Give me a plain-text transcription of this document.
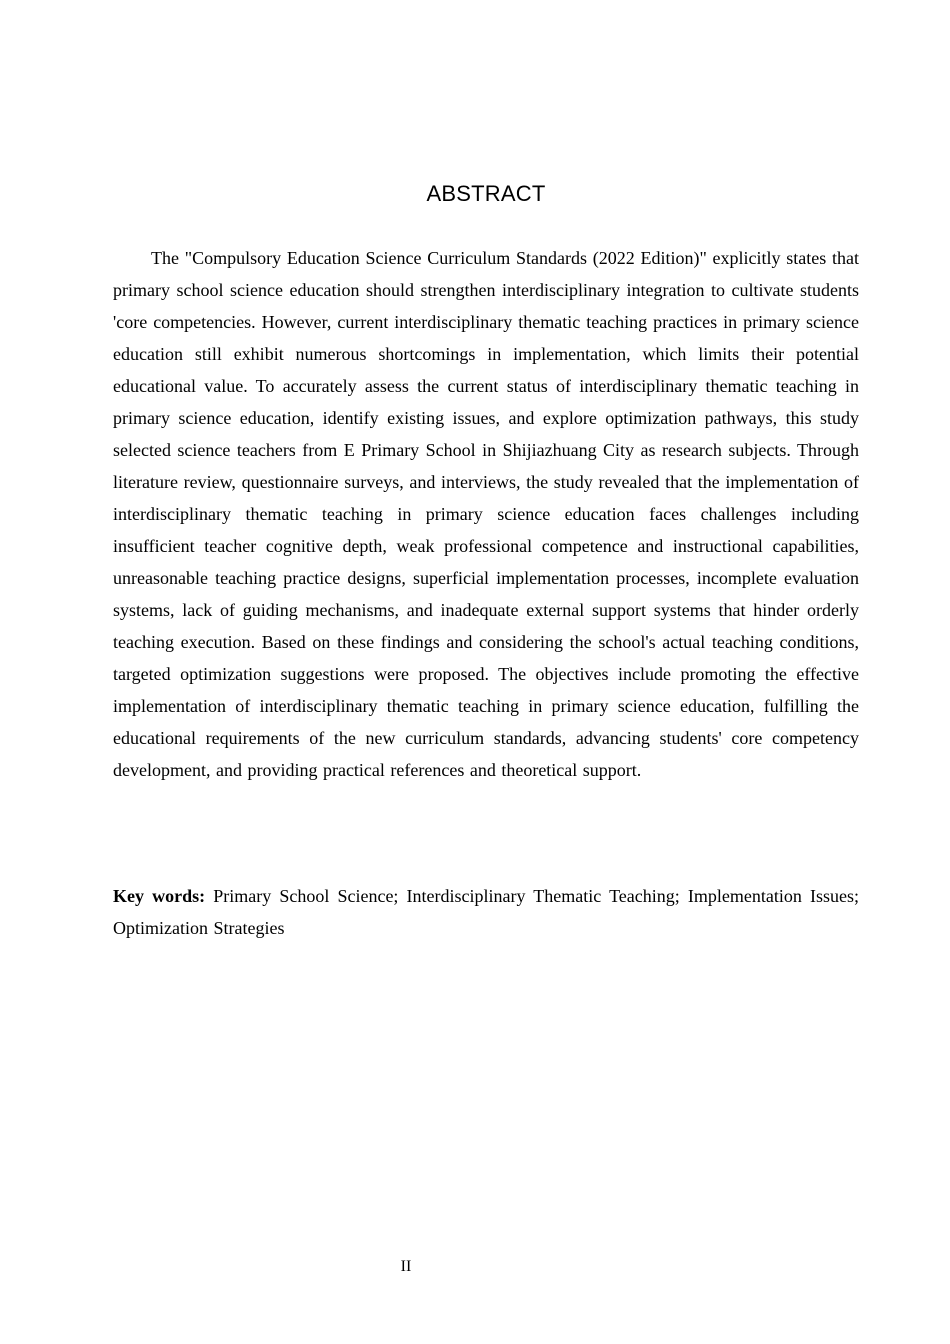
ABSTRACT

The "Compulsory Education Science Curriculum Standards (2022 Edition)" explicitly states that primary school science education should strengthen interdisciplinary integration to cultivate students 'core competencies. However, current interdisciplinary thematic teaching practices in primary science education still exhibit numerous shortcomings in implementation, which limits their potential educational value. To accurately assess the current status of interdisciplinary thematic teaching in primary science education, identify existing issues, and explore optimization pathways, this study selected science teachers from E Primary School in Shijiazhuang City as research subjects. Through literature review, questionnaire surveys, and interviews, the study revealed that the implementation of interdisciplinary thematic teaching in primary science education faces challenges including insufficient teacher cognitive depth, weak professional competence and instructional capabilities, unreasonable teaching practice designs, superficial implementation processes, incomplete evaluation systems, lack of guiding mechanisms, and inadequate external support systems that hinder orderly teaching execution. Based on these findings and considering the school's actual teaching conditions, targeted optimization suggestions were proposed. The objectives include promoting the effective implementation of interdisciplinary thematic teaching in primary science education, fulfilling the educational requirements of the new curriculum standards, advancing students' core competency development, and providing practical references and theoretical support.

Key words: Primary School Science; Interdisciplinary Thematic Teaching; Implementation Issues; Optimization Strategies

II
